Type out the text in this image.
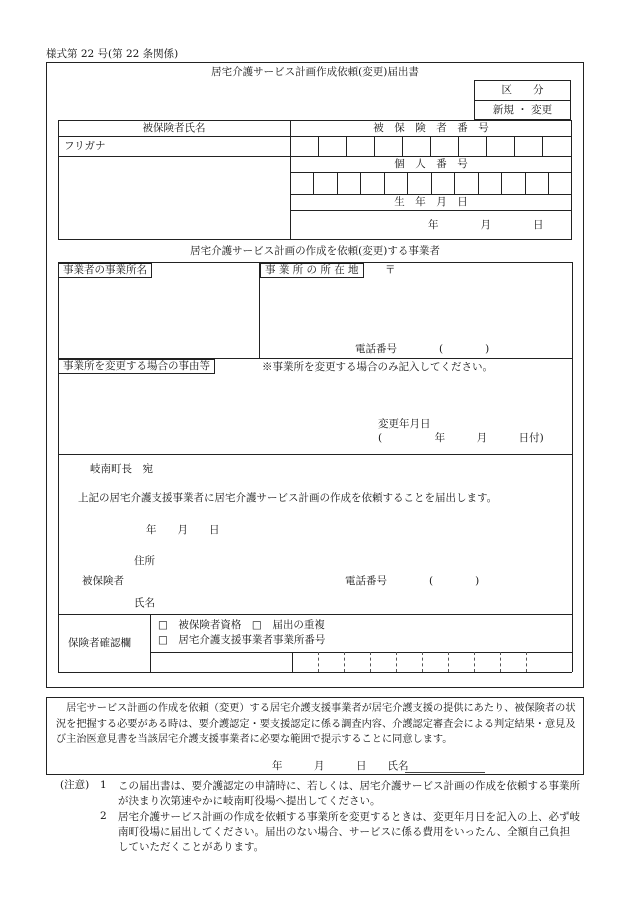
様式第 22 号(第 22 条関係)
居宅介護サービス計画作成依頼(変更)届出書
区　　分
新規 ・ 変更
被保険者氏名	被　保　険　者　番　号
フリガナ
個　人　番　号
生　年　月　日
年　　　　月　　　　日
居宅介護サービス計画の作成を依頼(変更)する事業者
事業者の事業所名	事 業 所 の 所 在 地	〒
電話番号　　　　(　　　　)
事業所を変更する場合の事由等	※事業所を変更する場合のみ記入してください。
変更年月日
(　　　　　年　　　月　　　日付)
岐南町長　宛
上記の居宅介護支援事業者に居宅介護サービス計画の作成を依頼することを届出します。
年　　月　　日
住所
被保険者	電話番号　　　　(　　　　)
氏名
保険者確認欄
□　被保険者資格　□　届出の重複
□　居宅介護支援事業者事業所番号
　居宅サービス計画の作成を依頼（変更）する居宅介護支援事業者が居宅介護支援の提供にあたり、被保険者の状況を把握する必要がある時は、要介護認定・要支援認定に係る調査内容、介護認定審査会による判定結果・意見及び主治医意見書を当該居宅介護支援事業者に必要な範囲で提示することに同意します。
年　　　月　　　日　　氏名
(注意) 1 この届出書は、要介護認定の申請時に、若しくは、居宅介護サービス計画の作成を依頼する事業所が決まり次第速やかに岐南町役場へ提出してください。
2 居宅介護サービス計画の作成を依頼する事業所を変更するときは、変更年月日を記入の上、必ず岐南町役場に届出してください。届出のない場合、サービスに係る費用をいったん、全額自己負担していただくことがあります。
